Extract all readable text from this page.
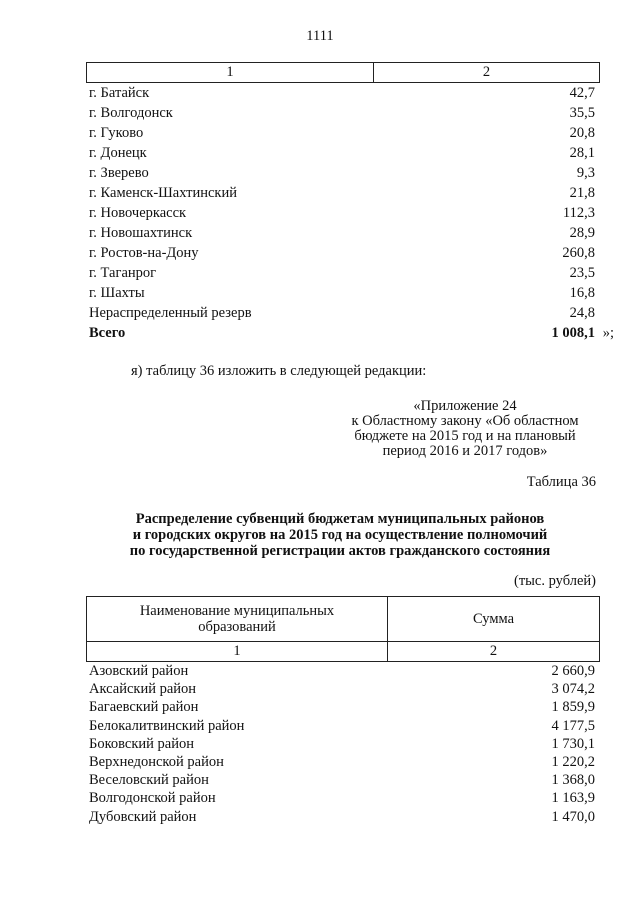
1111
1	2
г. Батайск	42,7
г. Волгодонск	35,5
г. Гуково	20,8
г. Донецк	28,1
г. Зверево	9,3
г. Каменск-Шахтинский	21,8
г. Новочеркасск	112,3
г. Новошахтинск	28,9
г. Ростов-на-Дону	260,8
г. Таганрог	23,5
г. Шахты	16,8
Нераспределенный резерв	24,8
Всего	1 008,1 »;
я) таблицу 36 изложить в следующей редакции:
«Приложение 24
к Областному закону «Об областном
бюджете на 2015 год и на плановый
период 2016 и 2017 годов»
Таблица 36
Распределение субвенций бюджетам муниципальных районов
и городских округов на 2015 год на осуществление полномочий
по государственной регистрации актов гражданского состояния
(тыс. рублей)
Наименование муниципальных
образований
Сумма
1	2
Азовский район	2 660,9
Аксайский район	3 074,2
Багаевский район	1 859,9
Белокалитвинский район	4 177,5
Боковский район	1 730,1
Верхнедонской район	1 220,2
Веселовский район	1 368,0
Волгодонской район	1 163,9
Дубовский район	1 470,0
